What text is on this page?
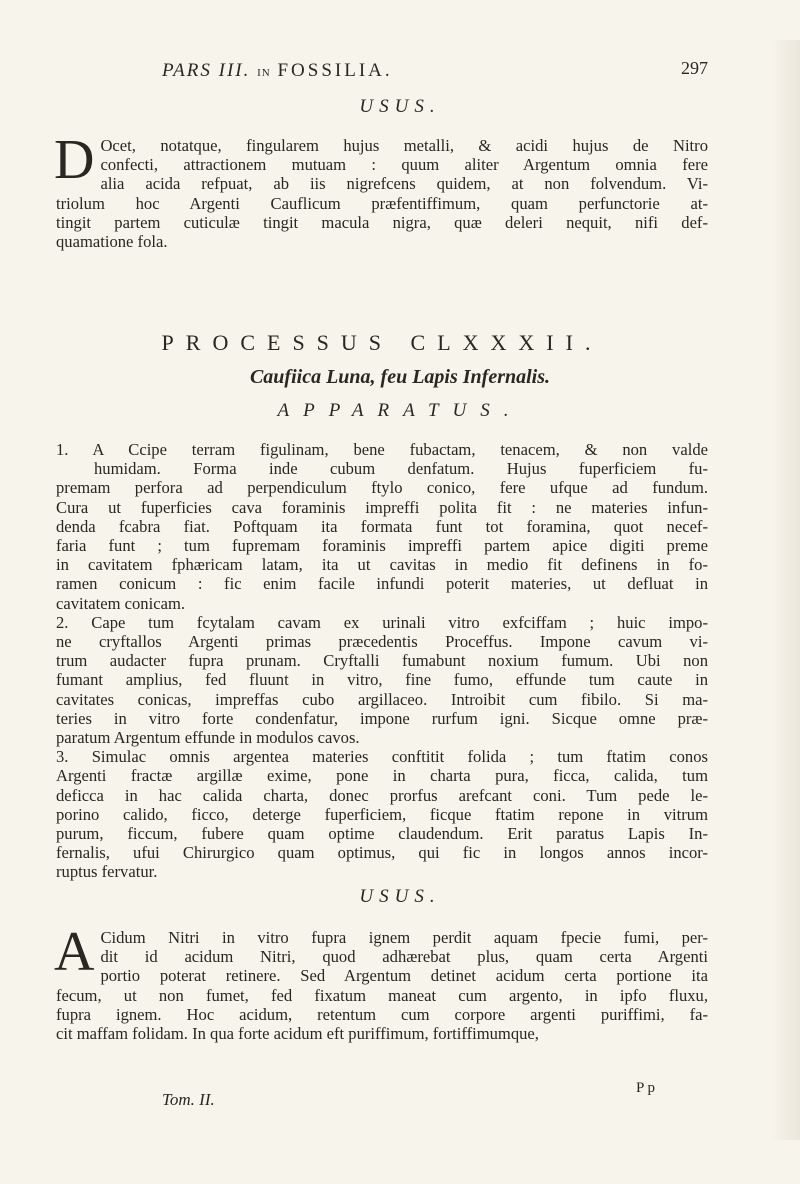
PARS III. IN FOSSILIA.	297
USUS.
D Ocet, notatque, fingularem hujus metalli, & acidi hujus de Nitro
confecti, attractionem mutuam : quum aliter Argentum omnia fere
alia acida refpuat, ab iis nigrefcens quidem, at non folvendum. Vi-
triolum hoc Argenti Cauflicum præfentiffimum, quam perfunctorie at-
tingit partem cuticulæ tingit macula nigra, quæ deleri nequit, nifi def-
quamatione fola.
PROCESSUS CLXXXII.
Caufiica Luna, feu Lapis Infernalis.
APPARATUS.
1. A Ccipe terram figulinam, bene fubactam, tenacem, & non valde
humidam. Forma inde cubum denfatum. Hujus fuperficiem fu-
premam perfora ad perpendiculum ftylo conico, fere ufque ad fundum.
Cura ut fuperficies cava foraminis impreffi polita fit : ne materies infun-
denda fcabra fiat. Poftquam ita formata funt tot foramina, quot necef-
faria funt ; tum fupremam foraminis impreffi partem apice digiti preme
in cavitatem fphæricam latam, ita ut cavitas in medio fit definens in fo-
ramen conicum : fic enim facile infundi poterit materies, ut defluat in
cavitatem conicam.
2. Cape tum fcytalam cavam ex urinali vitro exfciffam ; huic impo-
ne cryftallos Argenti primas præcedentis Proceffus. Impone cavum vi-
trum audacter fupra prunam. Cryftalli fumabunt noxium fumum. Ubi non
fumant amplius, fed fluunt in vitro, fine fumo, effunde tum caute in
cavitates conicas, impreffas cubo argillaceo. Introibit cum fibilo. Si ma-
teries in vitro forte condenfatur, impone rurfum igni. Sicque omne præ-
paratum Argentum effunde in modulos cavos.
3. Simulac omnis argentea materies conftitit folida ; tum ftatim conos
Argenti fractæ argillæ exime, pone in charta pura, ficca, calida, tum
deficca in hac calida charta, donec prorfus arefcant coni. Tum pede le-
porino calido, ficco, deterge fuperficiem, ficque ftatim repone in vitrum
purum, ficcum, fubere quam optime claudendum. Erit paratus Lapis In-
fernalis, ufui Chirurgico quam optimus, qui fic in longos annos incor-
ruptus fervatur.
USUS.
A Cidum Nitri in vitro fupra ignem perdit aquam fpecie fumi, per-
dit id acidum Nitri, quod adhærebat plus, quam certa Argenti
portio poterat retinere. Sed Argentum detinet acidum certa portione ita
fecum, ut non fumet, fed fixatum maneat cum argento, in ipfo fluxu,
fupra ignem. Hoc acidum, retentum cum corpore argenti puriffimi, fa-
cit maffam folidam. In qua forte acidum eft puriffimum, fortiffimumque,
Tom. II.
P p
